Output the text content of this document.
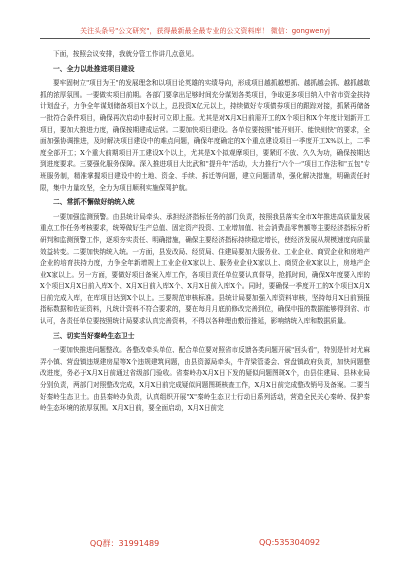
关注头条号"公文研究"，获得最新最全最专业的公文资料库！ 微信：gongwenyj

下面，按照会议安排，我就分管工作讲几点意见。

一、全力以赴推进项目建设

要牢固树立"项目为王"的发展理念和以项目论英雄的实绩导向，形成项目越抓越想抓、越抓越会抓、越抓越敢抓的浓厚氛围。一要做实项目前期。各部门要拿出足够时间充分谋划各类项目，争取更多项目纳入中省市资金扶持计划盘子，力争全年谋划储备项目X个以上，总投资X亿元以上，持续做好专项债券项目的跟踪对接，抓紧再储备一批符合条件项目，确保再次启动申报时可立即上报。尤其是对X月X日前需开工的X个项目和X个年度计划新开工项目，要加大推进力度，确保按期建成运营。二要加快项目建设。各单位要按照"能开则开、能快则快"的要求，全面加强协调推进，及时解决项目建设中的难点问题，确保年度确定的X个重点建设项目一季度开工X%以上，二季度全部开工；X个重大前期项目开工建设X个以上，尤其是X个拟观摩项目，要紧盯不放、久久为功，确保按期达到进度要求。三要强化服务保障。深入推进项目大比武和"提升年"活动，大力推行"六个一"项目工作法和"五包"专班服务制，精准掌握项目建设中的土地、资金、手续、拆迁等问题，建立问题清单，强化解决措施，明确责任时限，集中力量攻坚，全力为项目顺利实施保驾护航。

二、常抓不懈做好纳统入统

一要加强监测预警。由县统计局牵头、承担经济指标任务的部门负责，按照我县落实全市X年推进高质量发展重点工作任务考核要求，统筹做好生产总值、固定资产投资、工业增加值、社会消费品零售额等主要经济指标分析研判和监测预警工作，逐项夯实责任、明确措施，确保主要经济指标持续稳定增长，使经济发展从规模速度向质量效益转变。二要加快纳统入统。一方面，县发改局、经贸局、住建局要加大服务业、工业企业、商贸企业和房地产企业的培育扶持力度，力争全年新增规上工业企业X家以上、服务业企业X家以上、商贸企业X家以上，房地产企业X家以上。另一方面，要做好项目备案入库工作，各项目责任单位要认真督导，抢抓时间，确保X年度要入库的X个项目X月X日前入库X个、X月X日前入库X个、X月X日前入库X个。同时，要确保一季度开工的X个项目X月X日前完成入库，在库项目达到X个以上。三要规范审核标准。县统计局要加强入库资料审核，坚持每月X日前预报指标数据和佐证资料，凡统计资料不符合要求的，要在每月月底前修改完善到位，确保申报的数据能够得到省、市认可，各责任单位要按照统计局要求认真完善资料，不得以各种理由敷衍推延，影响纳统入库和数据质量。

三、切实当好秦岭生态卫士

一要加快推进问题整改。各整改牵头单位、配合单位要对照省市反馈各类问题开展"回头看"，特别是针对尤麻弄小镇、营盘镇违规建房屋等X个违规建筑问题，由县资源局牵头，牛背梁管委会、营盘镇政府负责，加快问题整改进度，务必于X月X日前通过省级部门验收。省秦岭办X月X日下发的疑似问题图斑X个，由县住建局、县林业局分别负责，两部门对照整改完成，X月X日前完成疑似问题图斑核查工作，X月X日前完成整改销号及备案。二要当好秦岭生态卫士。由县秦岭办负责，认真组织开展"X"秦岭生态卫士行动日系列活动，营造全民关心秦岭、保护秦岭生态环境的浓厚氛围。X月X日前，要全面启动，X月X日前完

QQ群：31991489	QQ:535304092
